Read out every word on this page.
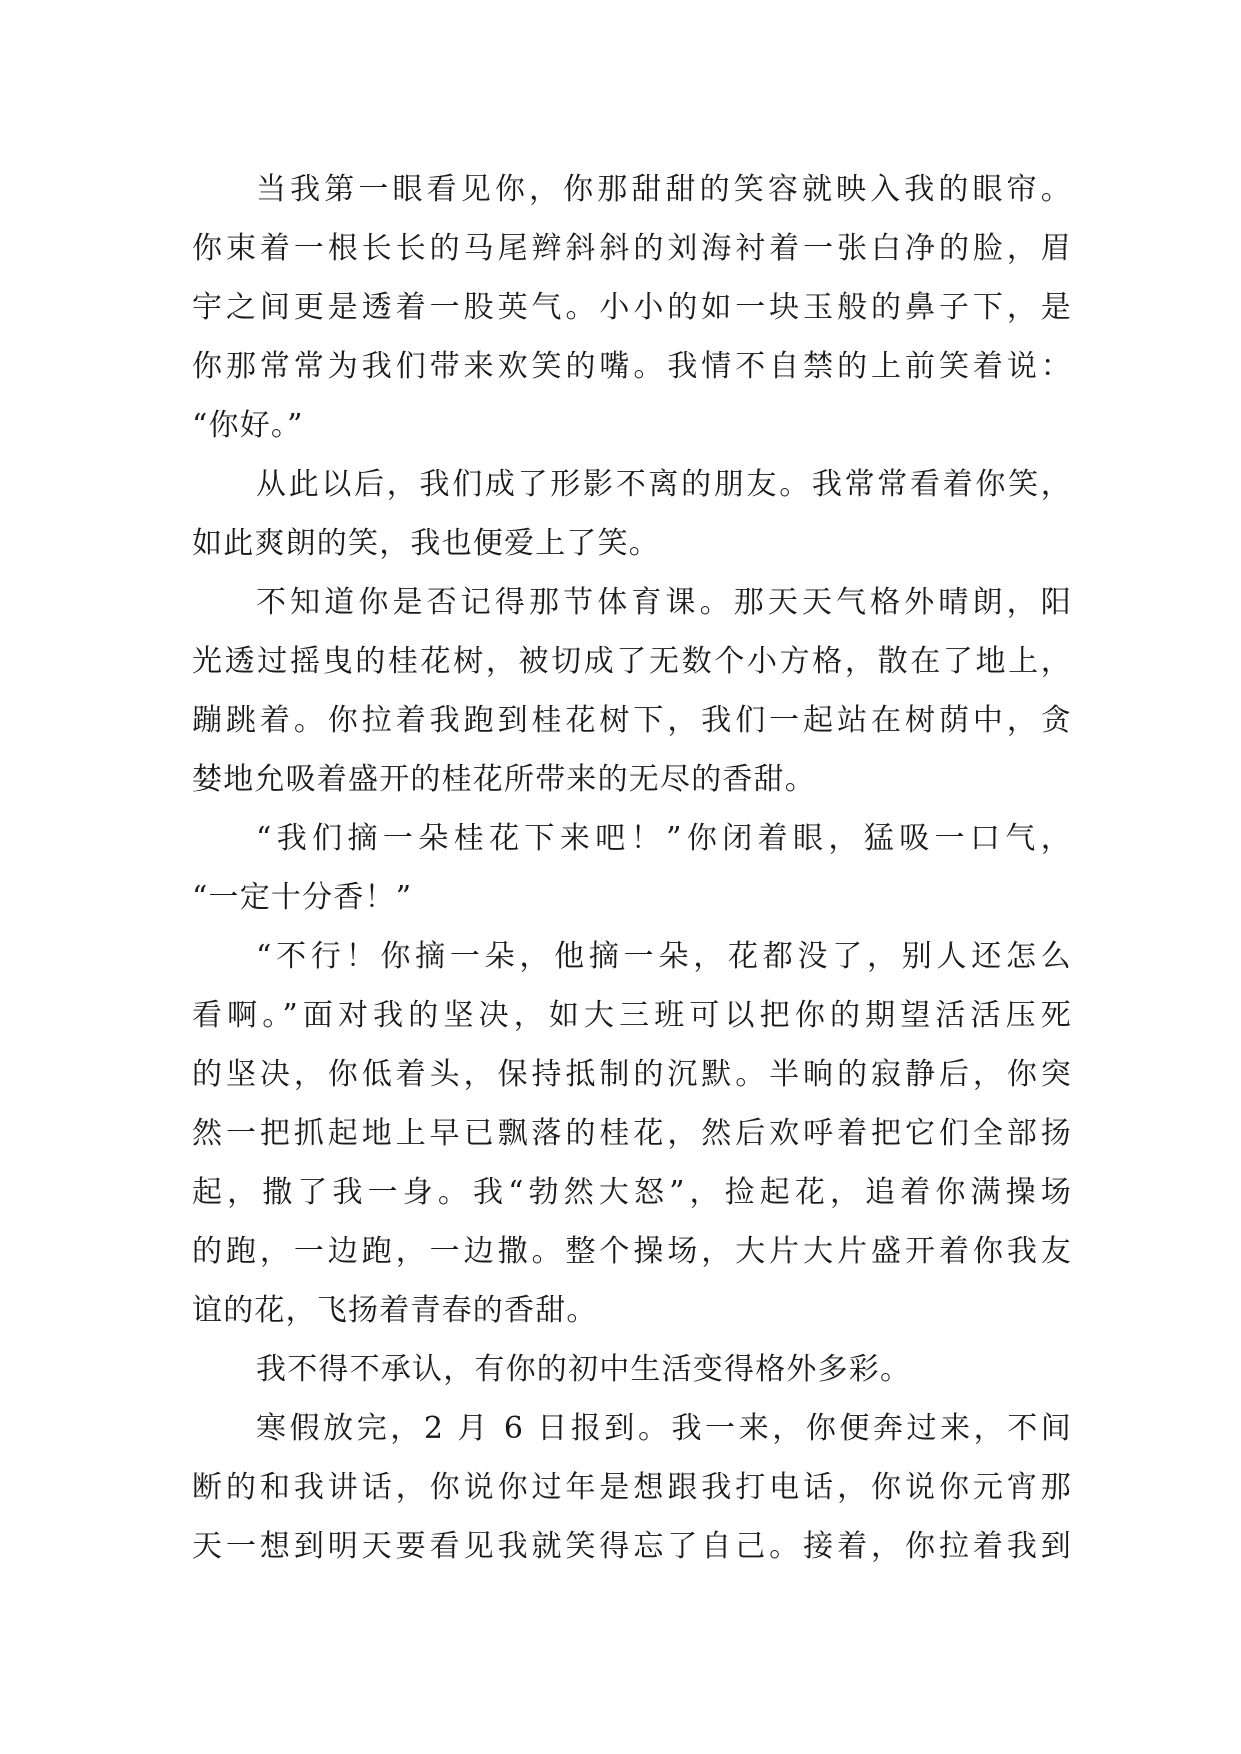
当我第一眼看见你，你那甜甜的笑容就映入我的眼帘。
你束着一根长长的马尾辫斜斜的刘海衬着一张白净的脸，眉
宇之间更是透着一股英气。小小的如一块玉般的鼻子下，是
你那常常为我们带来欢笑的嘴。我情不自禁的上前笑着说：
“你好。”
从此以后，我们成了形影不离的朋友。我常常看着你笑，
如此爽朗的笑，我也便爱上了笑。
不知道你是否记得那节体育课。那天天气格外晴朗，阳
光透过摇曳的桂花树，被切成了无数个小方格，散在了地上，
蹦跳着。你拉着我跑到桂花树下，我们一起站在树荫中，贪
婪地允吸着盛开的桂花所带来的无尽的香甜。
“我们摘一朵桂花下来吧！”你闭着眼，猛吸一口气，
“一定十分香！”
“不行！你摘一朵，他摘一朵，花都没了，别人还怎么
看啊。”面对我的坚决，如大三班可以把你的期望活活压死
的坚决，你低着头，保持抵制的沉默。半晌的寂静后，你突
然一把抓起地上早已飘落的桂花，然后欢呼着把它们全部扬
起，撒了我一身。我“勃然大怒”，捡起花，追着你满操场
的跑，一边跑，一边撒。整个操场，大片大片盛开着你我友
谊的花，飞扬着青春的香甜。
我不得不承认，有你的初中生活变得格外多彩。
寒假放完，2 月 6 日报到。我一来，你便奔过来，不间
断的和我讲话，你说你过年是想跟我打电话，你说你元宵那
天一想到明天要看见我就笑得忘了自己。接着，你拉着我到
